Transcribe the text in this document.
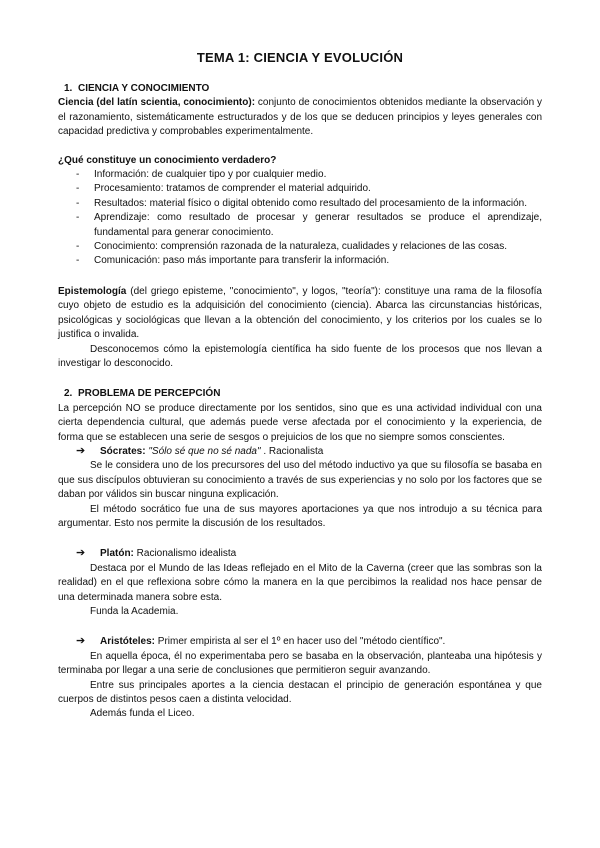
TEMA 1: CIENCIA Y EVOLUCIÓN
1. CIENCIA Y CONOCIMIENTO

Ciencia (del latín scientia, conocimiento): conjunto de conocimientos obtenidos mediante la observación y el razonamiento, sistemáticamente estructurados y de los que se deducen principios y leyes generales con capacidad predictiva y comprobables experimentalmente.

¿Qué constituye un conocimiento verdadero?

- Información: de cualquier tipo y por cualquier medio.
- Procesamiento: tratamos de comprender el material adquirido.
- Resultados: material físico o digital obtenido como resultado del procesamiento de la información.
- Aprendizaje: como resultado de procesar y generar resultados se produce el aprendizaje, fundamental para generar conocimiento.
- Conocimiento: comprensión razonada de la naturaleza, cualidades y relaciones de las cosas.
- Comunicación: paso más importante para transferir la información.

Epistemología (del griego episteme, "conocimiento", y logos, "teoría"): constituye una rama de la filosofía cuyo objeto de estudio es la adquisición del conocimiento (ciencia). Abarca las circunstancias históricas, psicológicas y sociológicas que llevan a la obtención del conocimiento, y los criterios por los cuales se lo justifica o invalida.

Desconocemos cómo la epistemología científica ha sido fuente de los procesos que nos llevan a investigar lo desconocido.

2. PROBLEMA DE PERCEPCIÓN

La percepción NO se produce directamente por los sentidos, sino que es una actividad individual con una cierta dependencia cultural, que además puede verse afectada por el conocimiento y la experiencia, de forma que se establecen una serie de sesgos o prejuicios de los que no siempre somos conscientes.

➔ Sócrates: "Sólo sé que no sé nada" . Racionalista

Se le considera uno de los precursores del uso del método inductivo ya que su filosofía se basaba en que sus discípulos obtuvieran su conocimiento a través de sus experiencias y no solo por los factores que se daban por válidos sin buscar ninguna explicación.

El método socrático fue una de sus mayores aportaciones ya que nos introdujo a su técnica para argumentar. Esto nos permite la discusión de los resultados.

➔ Platón: Racionalismo idealista

Destaca por el Mundo de las Ideas reflejado en el Mito de la Caverna (creer que las sombras son la realidad) en el que reflexiona sobre cómo la manera en la que percibimos la realidad nos hace pensar de una determinada manera sobre esta.

Funda la Academia.

➔ Aristóteles: Primer empirista al ser el 1º en hacer uso del "método científico".

En aquella época, él no experimentaba pero se basaba en la observación, planteaba una hipótesis y terminaba por llegar a una serie de conclusiones que permitieron seguir avanzando.

Entre sus principales aportes a la ciencia destacan el principio de generación espontánea y que cuerpos de distintos pesos caen a distinta velocidad.

Además funda el Liceo.
